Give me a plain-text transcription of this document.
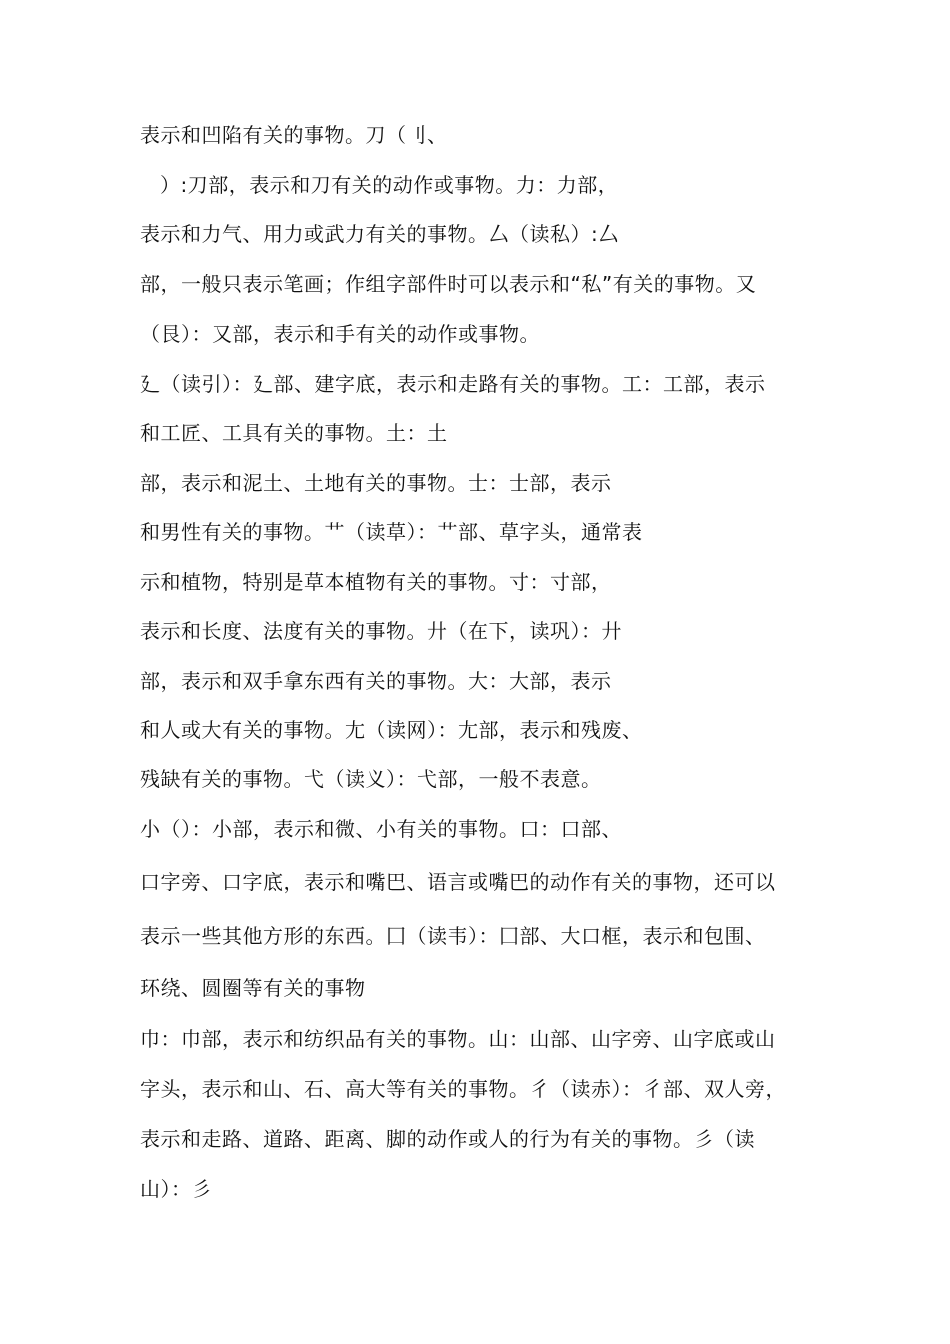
表示和凹陷有关的事物。刀（刂、
）:刀部，表示和刀有关的动作或事物。力：力部，
表示和力气、用力或武力有关的事物。厶（读私）:厶
部，一般只表示笔画；作组字部件时可以表示和“私”有关的事物。又
（艮）：又部，表示和手有关的动作或事物。
廴（读引）：廴部、建字底，表示和走路有关的事物。工：工部，表示
和工匠、工具有关的事物。土：土
部，表示和泥土、土地有关的事物。士：士部，表示
和男性有关的事物。艹（读草）：艹部、草字头，通常表
示和植物，特别是草本植物有关的事物。寸：寸部，
表示和长度、法度有关的事物。廾（在下，读巩）：廾
部，表示和双手拿东西有关的事物。大：大部，表示
和人或大有关的事物。尢（读网）：尢部，表示和残废、
残缺有关的事物。弋（读义）：弋部，一般不表意。
小（）：小部，表示和微、小有关的事物。口：口部、
口字旁、口字底，表示和嘴巴、语言或嘴巴的动作有关的事物，还可以
表示一些其他方形的东西。囗（读韦）：囗部、大口框，表示和包围、
环绕、圆圈等有关的事物
巾：巾部，表示和纺织品有关的事物。山：山部、山字旁、山字底或山
字头，表示和山、石、高大等有关的事物。彳（读赤）：彳部、双人旁，
表示和走路、道路、距离、脚的动作或人的行为有关的事物。彡（读
山）：彡
